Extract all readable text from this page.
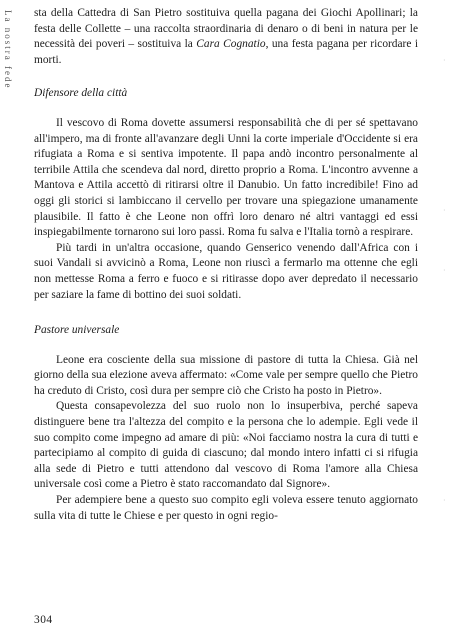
La nostra fede	·
·
·
·

sta della Cattedra di San Pietro sostituiva quella pagana dei Giochi Apollinari; la festa delle Collette – una raccolta straordinaria di denaro o di beni in natura per le necessità dei poveri – sostituiva la Cara Cognatio, una festa pagana per ricordare i morti.

Difensore della città

Il vescovo di Roma dovette assumersi responsabilità che di per sé spettavano all'impero, ma di fronte all'avanzare degli Unni la corte imperiale d'Occidente si era rifugiata a Roma e si sentiva impotente. Il papa andò incontro personalmente al terribile Attila che scendeva dal nord, diretto proprio a Roma. L'incontro avvenne a Mantova e Attila accettò di ritirarsi oltre il Danubio. Un fatto incredibile! Fino ad oggi gli storici si lambiccano il cervello per trovare una spiegazione umanamente plausibile. Il fatto è che Leone non offrì loro denaro né altri vantaggi ed essi inspiegabilmente tornarono sui loro passi. Roma fu salva e l'Italia tornò a respirare.

Più tardi in un'altra occasione, quando Genserico venendo dall'Africa con i suoi Vandali si avvicinò a Roma, Leone non riuscì a fermarlo ma ottenne che egli non mettesse Roma a ferro e fuoco e si ritirasse dopo aver depredato il necessario per saziare la fame di bottino dei suoi soldati.

Pastore universale

Leone era cosciente della sua missione di pastore di tutta la Chiesa. Già nel giorno della sua elezione aveva affermato: «Come vale per sempre quello che Pietro ha creduto di Cristo, così dura per sempre ciò che Cristo ha posto in Pietro».

Questa consapevolezza del suo ruolo non lo insuperbiva, perché sapeva distinguere bene tra l'altezza del compito e la persona che lo adempie. Egli vede il suo compito come impegno ad amare di più: «Noi facciamo nostra la cura di tutti e partecipiamo al compito di guida di ciascuno; dal mondo intero infatti ci si rifugia alla sede di Pietro e tutti attendono dal vescovo di Roma l'amore alla Chiesa universale così come a Pietro è stato raccomandato dal Signore».

Per adempiere bene a questo suo compito egli voleva essere tenuto aggiornato sulla vita di tutte le Chiese e per questo in ogni regio-

304
